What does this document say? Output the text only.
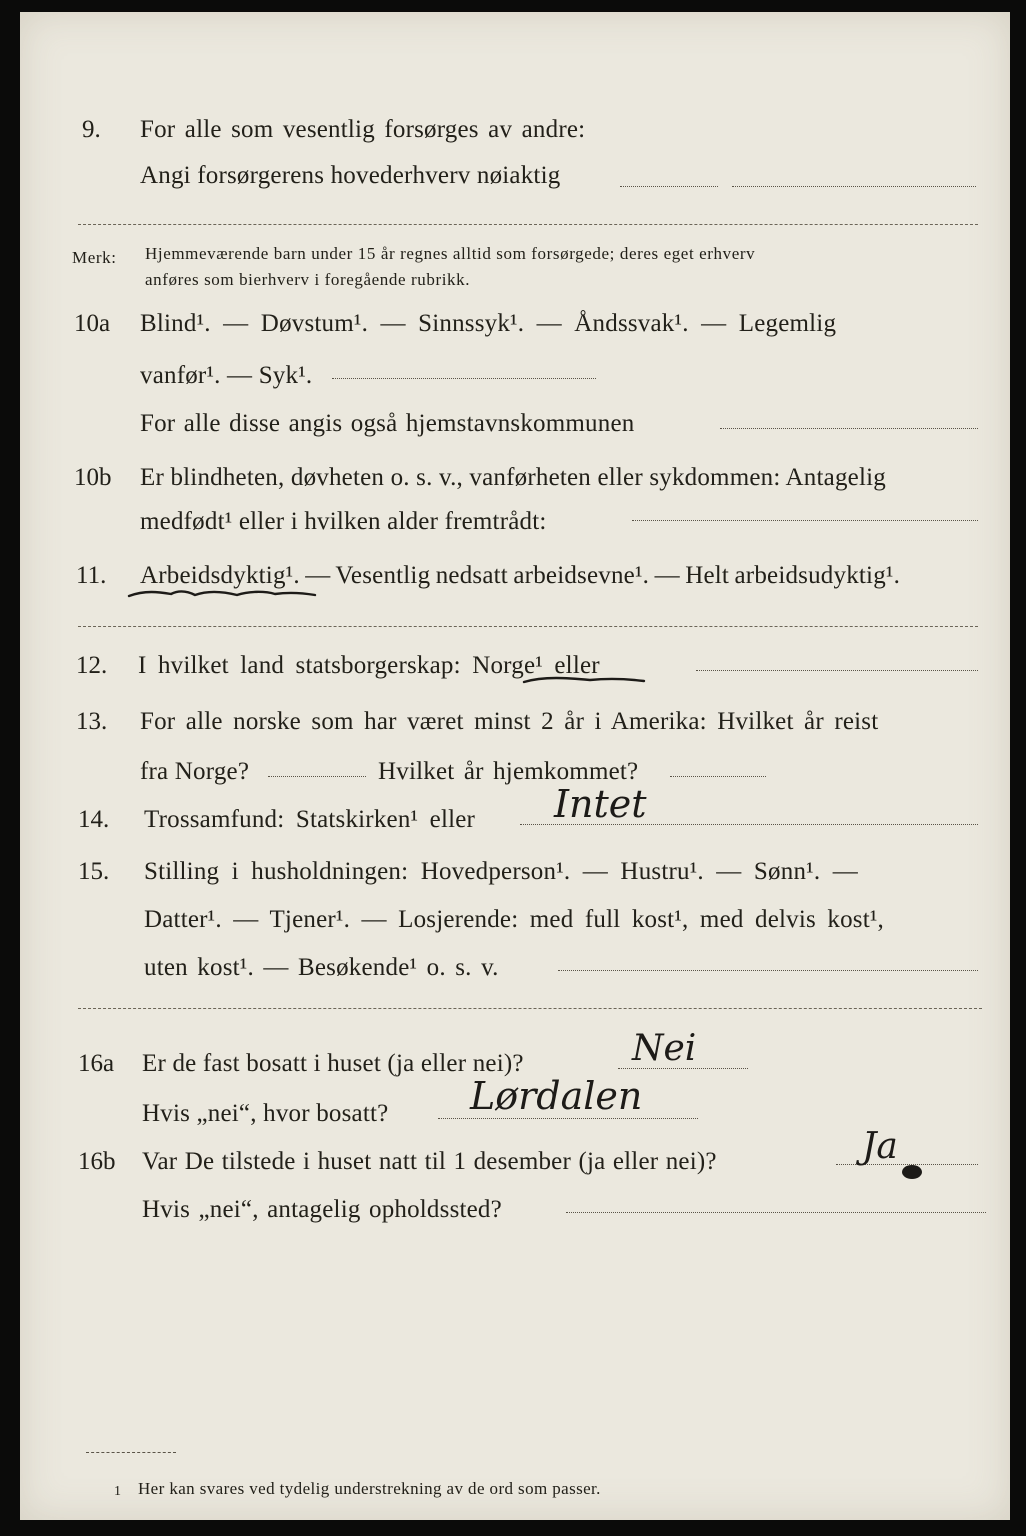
9. For alle som vesentlig forsørges av andre:
Angi forsørgerens hovederhverv nøiaktig
Merk: Hjemmeværende barn under 15 år regnes alltid som forsørgede; deres eget erhverv
anføres som bierhverv i foregående rubrikk.
10a Blind¹. — Døvstum¹. — Sinnssyk¹. — Åndssvak¹. — Legemlig
vanfør¹. — Syk¹.
For alle disse angis også hjemstavnskommunen
10b Er blindheten, døvheten o. s. v., vanførheten eller sykdommen: Antagelig
medfødt¹ eller i hvilken alder fremtrådt:
11. Arbeidsdyktig¹. — Vesentlig nedsatt arbeidsevne¹. — Helt arbeidsudyktig¹.
12. I hvilket land statsborgerskap: Norge¹ eller
13. For alle norske som har været minst 2 år i Amerika: Hvilket år reist
fra Norge?	Hvilket år hjemkommet?
14. Trossamfund: Statskirken¹ eller Intet
15. Stilling i husholdningen: Hovedperson¹. — Hustru¹. — Sønn¹. —
Datter¹. — Tjener¹. — Losjerende: med full kost¹, med delvis kost¹,
uten kost¹. — Besøkende¹ o. s. v.
16a Er de fast bosatt i huset (ja eller nei)?	Nei
Hvis „nei“, hvor bosatt? Lørdalen
16b Var De tilstede i huset natt til 1 desember (ja eller nei)?	Ja
Hvis „nei“, antagelig opholdssted?
1 Her kan svares ved tydelig understrekning av de ord som passer.
